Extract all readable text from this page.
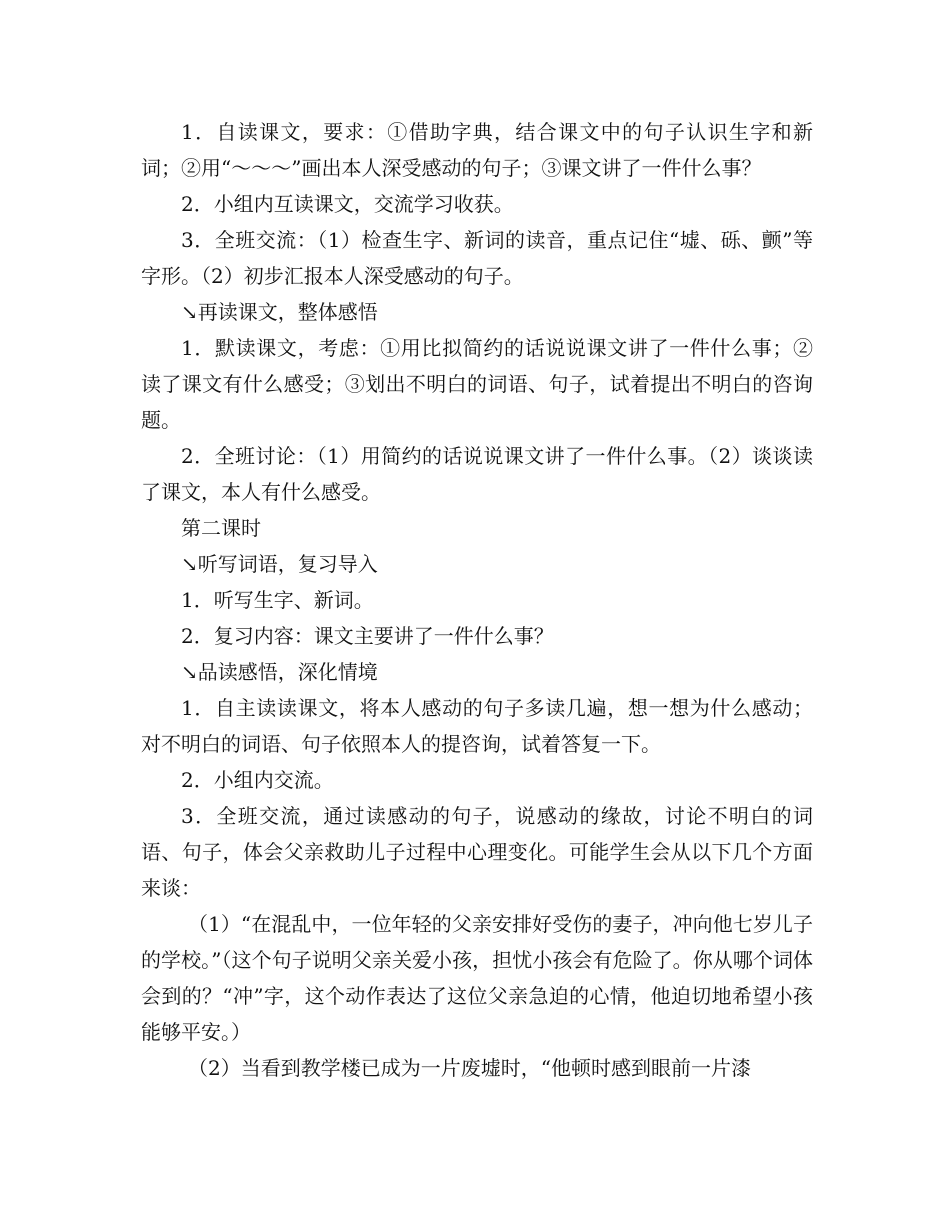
1．自读课文，要求：①借助字典，结合课文中的句子认识生字和新词；②用“～～～”画出本人深受感动的句子；③课文讲了一件什么事？

2．小组内互读课文，交流学习收获。

3．全班交流：（1）检查生字、新词的读音，重点记住“墟、砾、颤”等字形。（2）初步汇报本人深受感动的句子。

↘再读课文，整体感悟

1．默读课文，考虑：①用比拟简约的话说说课文讲了一件什么事；②读了课文有什么感受；③划出不明白的词语、句子，试着提出不明白的咨询题。

2．全班讨论：（1）用简约的话说说课文讲了一件什么事。（2）谈谈读了课文，本人有什么感受。

第二课时

↘听写词语，复习导入

1．听写生字、新词。

2．复习内容：课文主要讲了一件什么事？

↘品读感悟，深化情境

1．自主读读课文，将本人感动的句子多读几遍，想一想为什么感动；对不明白的词语、句子依照本人的提咨询，试着答复一下。

2．小组内交流。

3．全班交流，通过读感动的句子，说感动的缘故，讨论不明白的词语、句子，体会父亲救助儿子过程中心理变化。可能学生会从以下几个方面来谈：

（1）“在混乱中，一位年轻的父亲安排好受伤的妻子，冲向他七岁儿子的学校。”（这个句子说明父亲关爱小孩，担忧小孩会有危险了。你从哪个词体会到的？“冲”字，这个动作表达了这位父亲急迫的心情，他迫切地希望小孩能够平安。）

（2）当看到教学楼已成为一片废墟时，“他顿时感到眼前一片漆
